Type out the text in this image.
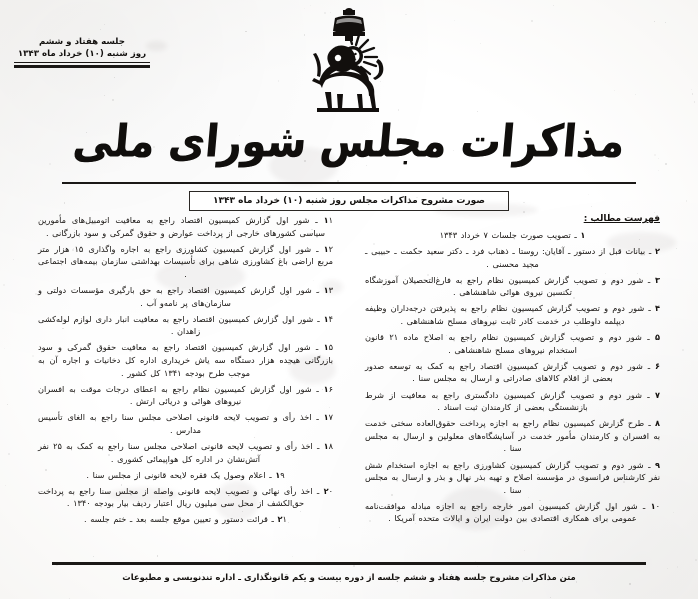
جلسه هفتاد و ششم
روز شنبه (۱۰) خرداد ماه ۱۳۴۳
مذاکرات مجلس شورای ملی
صورت مشروح مذاکرات مجلس روز شنبه (۱۰) خرداد ماه ۱۳۴۳
فهرست مطالب :

۱ ـ تصویب صورت جلسات ۷ خرداد ۱۳۴۳

۲ ـ بیانات قبل از دستور ـ آقایان: روستا ـ ذهناب فرد ـ دکتر سعید حکمت ـ حبیبی ـ مجید محسنی .

۳ ـ شور دوم و تصویب گزارش کمیسیون نظام راجع به فارغ‌التحصیلان آموزشگاه تکنسین نیروی هوائی شاهنشاهی .

۴ ـ شور دوم و تصویب گزارش کمیسیون نظام راجع به پذیرفتن درجه‌داران وظیفه دیپلمه داوطلب در خدمت کادر ثابت نیروهای مسلح شاهنشاهی .

۵ ـ شور دوم و تصویب گزارش کمیسیون نظام راجع به اصلاح ماده ۲۱ قانون استخدام نیروهای مسلح شاهنشاهی .

۶ ـ شور دوم و تصویب گزارش کمیسیون اقتصاد راجع به کمک به توسعه صدور بعضی از اقلام کالاهای صادراتی و ارسال به مجلس سنا .

۷ ـ شور دوم و تصویب گزارش کمیسیون دادگستری راجع به معافیت از شرط بازنشستگی بعضی از کارمندان ثبت اسناد .

۸ ـ طرح گزارش کمیسیون نظام راجع به اجازه پرداخت حقوق‌العاده سختی خدمت به افسران و کارمندان مأمور خدمت در آسایشگاه‌های معلولین و ارسال به مجلس سنا .

۹ ـ شور دوم و تصویب گزارش کمیسیون کشاورزی راجع به اجازه استخدام شش نفر کارشناس فرانسوی در مؤسسه اصلاح و تهیه بذر نهال و بذر و ارسال به مجلس سنا .

۱۰ ـ شور اول گزارش کمیسیون امور خارجه راجع به اجازه مبادله موافقت‌نامه عمومی برای همکاری اقتصادی بین دولت ایران و ایالات متحده آمریکا .

۱۱ ـ شور اول گزارش کمیسیون اقتصاد راجع به معافیت اتومبیل‌های مأمورین سیاسی کشورهای خارجی از پرداخت عوارض و حقوق گمرکی و سود بازرگانی .

۱۲ ـ شور اول گزارش کمیسیون کشاورزی راجع به اجاره واگذاری ۱۵ هزار متر مربع اراضی باغ کشاورزی شاهی برای تأسیسات بهداشتی سازمان بیمه‌های اجتماعی .

۱۳ ـ شور اول گزارش کمیسیون اقتصاد راجع به حق بارگیری مؤسسات دولتی و سازمان‌های پر نامه‌و آب .

۱۴ ـ شور اول گزارش کمیسیون اقتصاد راجع به معافیت انبار داری لوازم لوله‌کشی زاهدان .

۱۵ ـ شور اول گزارش کمیسیون اقتصاد راجع به معافیت حقوق گمرکی و سود بازرگانی هیجده هزار دستگاه سه یاش خریداری اداره کل دخانیات و اجاره آن به موجب طرح بودجه ۱۳۴۱ کل کشور .

۱۶ ـ شور اول گزارش کمیسیون نظام راجع به اعطای درجات موقت به افسران نیروهای هوائی و دریائی ارتش .

۱۷ ـ اخذ رأی و تصویب لایحه قانونی اصلاحی مجلس سنا راجع به الغای تأسیس مدارس .

۱۸ ـ اخذ رأی و تصویب لایحه قانونی اصلاحی مجلس سنا راجع به کمک به ۲۵ نفر آتش‌نشان در اداره کل هواپیمائی کشوری .

۱۹ ـ اعلام وصول یک فقره لایحه قانونی از مجلس سنا .

۲۰ ـ اخذ رأی نهائی و تصویب لایحه قانونی واصله از مجلس سنا راجع به پرداخت حق‌الکشف از محل سی میلیون ریال اعتبار ردیف بیار بودجه ۱۳۴۰ .

۲۱ ـ قرائت دستور و تعیین موقع جلسه بعد ـ ختم جلسه .

متن مذاکرات مشروح جلسه هفتاد و ششم جلسه از دوره بیست و یکم قانونگذاری ـ اداره تندنویسی و مطبوعات
